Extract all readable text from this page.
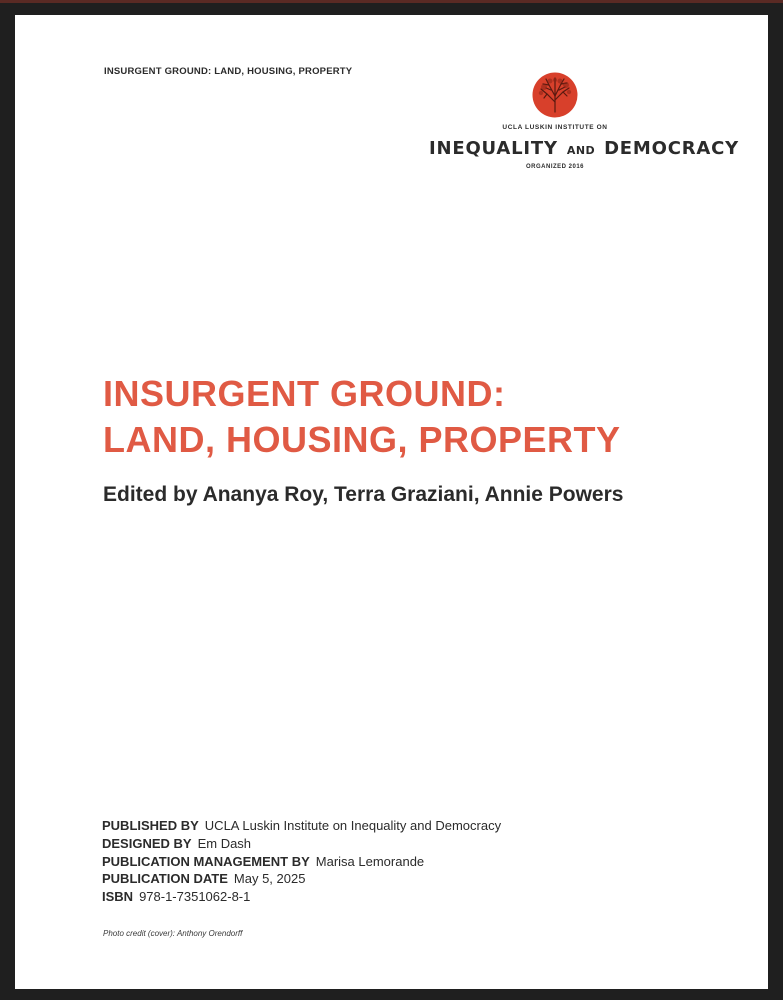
INSURGENT GROUND: LAND, HOUSING, PROPERTY
UCLA LUSKIN INSTITUTE ON
INEQUALITY AND DEMOCRACY
ORGANIZED 2016
INSURGENT GROUND:
LAND, HOUSING, PROPERTY
Edited by Ananya Roy, Terra Graziani, Annie Powers
PUBLISHED BY UCLA Luskin Institute on Inequality and Democracy
DESIGNED BY Em Dash
PUBLICATION MANAGEMENT BY Marisa Lemorande
PUBLICATION DATE May 5, 2025
ISBN 978-1-7351062-8-1
Photo credit (cover): Anthony Orendorff
